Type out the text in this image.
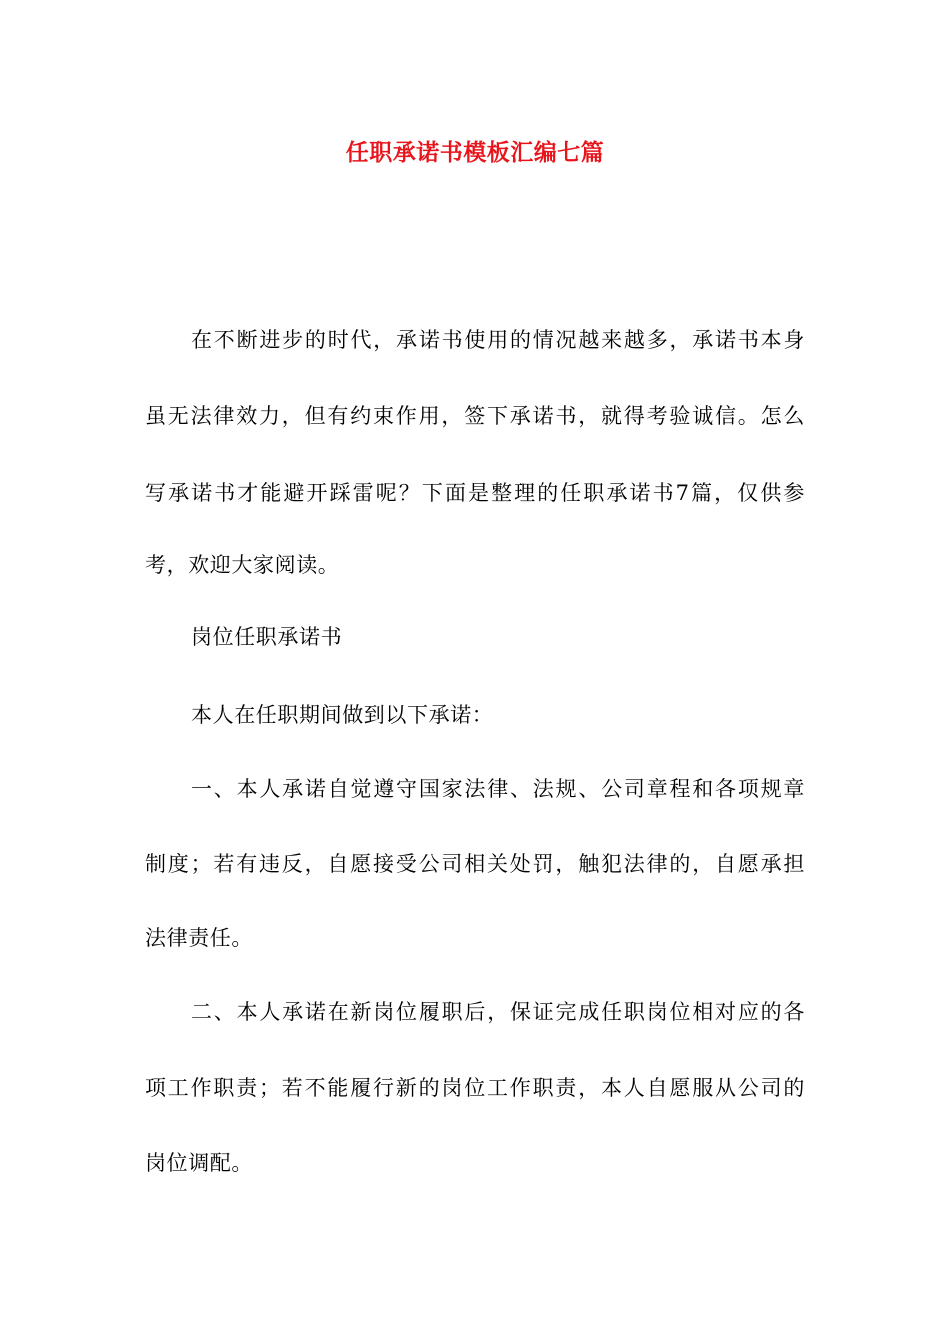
任职承诺书模板汇编七篇
在不断进步的时代，承诺书使用的情况越来越多，承诺书本身
虽无法律效力，但有约束作用，签下承诺书，就得考验诚信。怎么
写承诺书才能避开踩雷呢？下面是整理的任职承诺书7篇，仅供参
考，欢迎大家阅读。
岗位任职承诺书
本人在任职期间做到以下承诺：
一、本人承诺自觉遵守国家法律、法规、公司章程和各项规章
制度；若有违反，自愿接受公司相关处罚，触犯法律的，自愿承担
法律责任。
二、本人承诺在新岗位履职后，保证完成任职岗位相对应的各
项工作职责；若不能履行新的岗位工作职责，本人自愿服从公司的
岗位调配。
